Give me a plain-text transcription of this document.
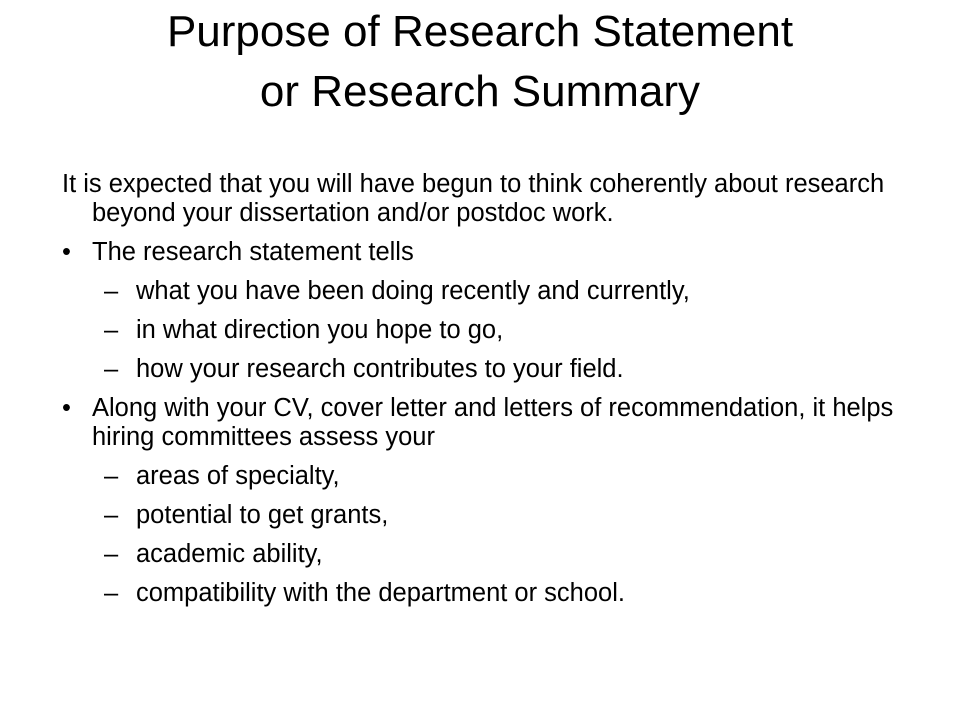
Purpose of Research Statement
or Research Summary
It is expected that you will have begun to think coherently about research beyond your dissertation and/or postdoc work.
• The research statement tells
– what you have been doing recently and currently,
– in what direction you hope to go,
– how your research contributes to your field.
• Along with your CV, cover letter and letters of recommendation, it helps hiring committees assess your
– areas of specialty,
– potential to get grants,
– academic ability,
– compatibility with the department or school.
